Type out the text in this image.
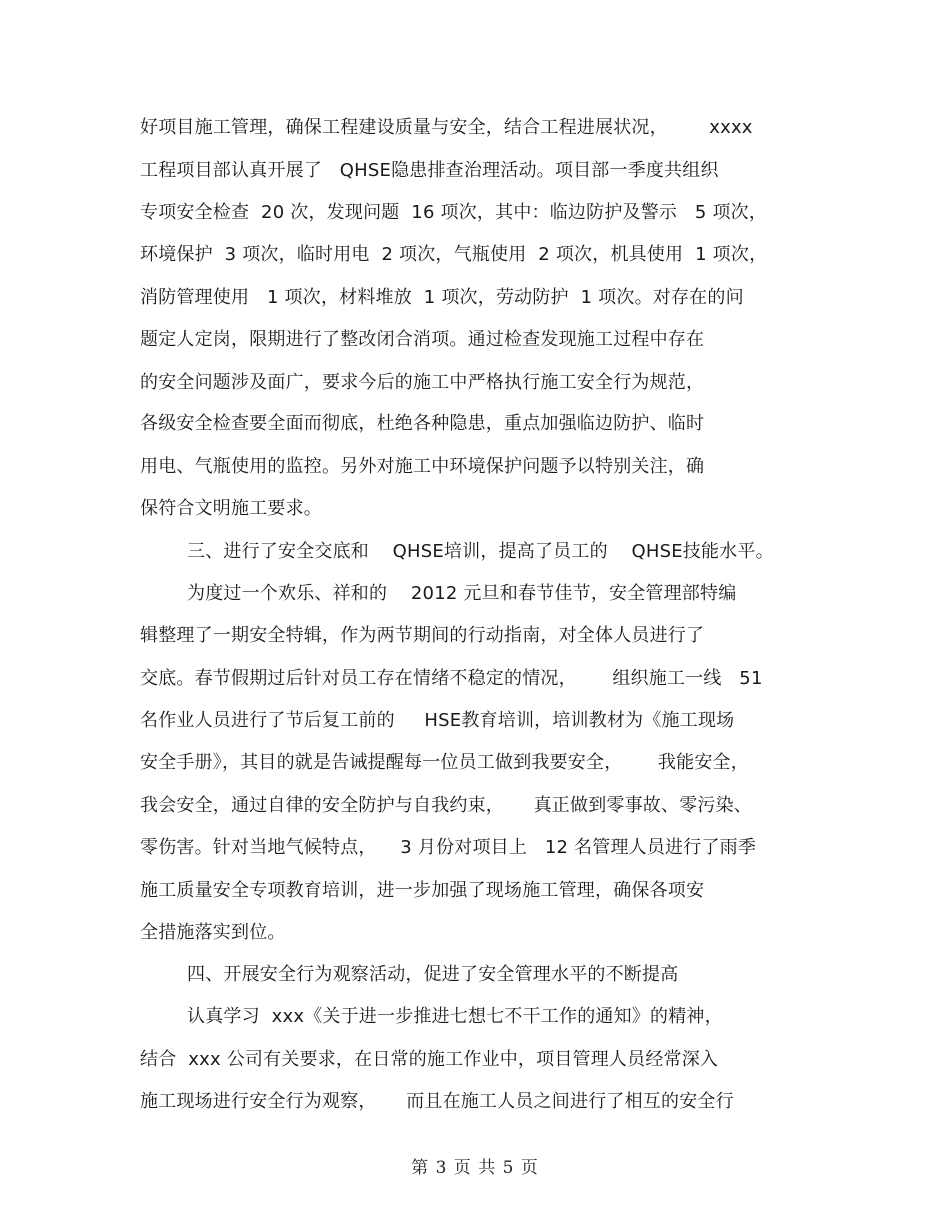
好项目施工管理，确保工程建设质量与安全，结合工程进展状况，       xxxx
工程项目部认真开展了   QHSE隐患排查治理活动。项目部一季度共组织
专项安全检查  20 次，发现问题  16 项次，其中：临边防护及警示   5 项次，
环境保护  3 项次，临时用电  2 项次，气瓶使用  2 项次，机具使用  1 项次，
消防管理使用   1 项次，材料堆放  1 项次，劳动防护  1 项次。对存在的问
题定人定岗，限期进行了整改闭合消项。通过检查发现施工过程中存在
的安全问题涉及面广，要求今后的施工中严格执行施工安全行为规范，
各级安全检查要全面而彻底，杜绝各种隐患，重点加强临边防护、临时
用电、气瓶使用的监控。另外对施工中环境保护问题予以特别关注，确
保符合文明施工要求。
三、进行了安全交底和    QHSE培训，提高了员工的    QHSE技能水平。
为度过一个欢乐、祥和的    2012 元旦和春节佳节，安全管理部特编
辑整理了一期安全特辑，作为两节期间的行动指南，对全体人员进行了
交底。春节假期过后针对员工存在情绪不稳定的情况，      组织施工一线   51
名作业人员进行了节后复工前的     HSE教育培训，培训教材为《施工现场
安全手册》，其目的就是告诫提醒每一位员工做到我要安全，      我能安全，
我会安全，通过自律的安全防护与自我约束，     真正做到零事故、零污染、
零伤害。针对当地气候特点，    3 月份对项目上   12 名管理人员进行了雨季
施工质量安全专项教育培训，进一步加强了现场施工管理，确保各项安
全措施落实到位。
四、开展安全行为观察活动，促进了安全管理水平的不断提高
认真学习  xxx《关于进一步推进七想七不干工作的通知》的精神，
结合  xxx 公司有关要求，在日常的施工作业中，项目管理人员经常深入
施工现场进行安全行为观察，     而且在施工人员之间进行了相互的安全行
第 3 页 共 5 页
